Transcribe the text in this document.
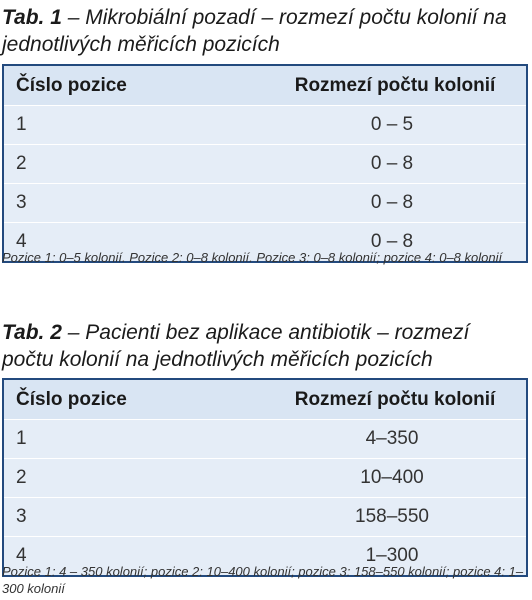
Tab. 1 – Mikrobiální pozadí – rozmezí počtu kolonií na jednotlivých měřicích pozicích
Číslo pozice	Rozmezí počtu kolonií
1	0 – 5
2	0 – 8
3	0 – 8
4	0 – 8
Pozice 1: 0–5 kolonií. Pozice 2: 0–8 kolonií. Pozice 3: 0–8 kolonií; pozice 4: 0–8 kolonií
Tab. 2 – Pacienti bez aplikace antibiotik – rozmezí počtu kolonií na jednotlivých měřicích pozicích
Číslo pozice	Rozmezí počtu kolonií
1	4–350
2	10–400
3	158–550
4	1–300
Pozice 1: 4 – 350 kolonií; pozice 2: 10–400 kolonií; pozice 3: 158–550 kolonií; pozice 4: 1–300 kolonií
